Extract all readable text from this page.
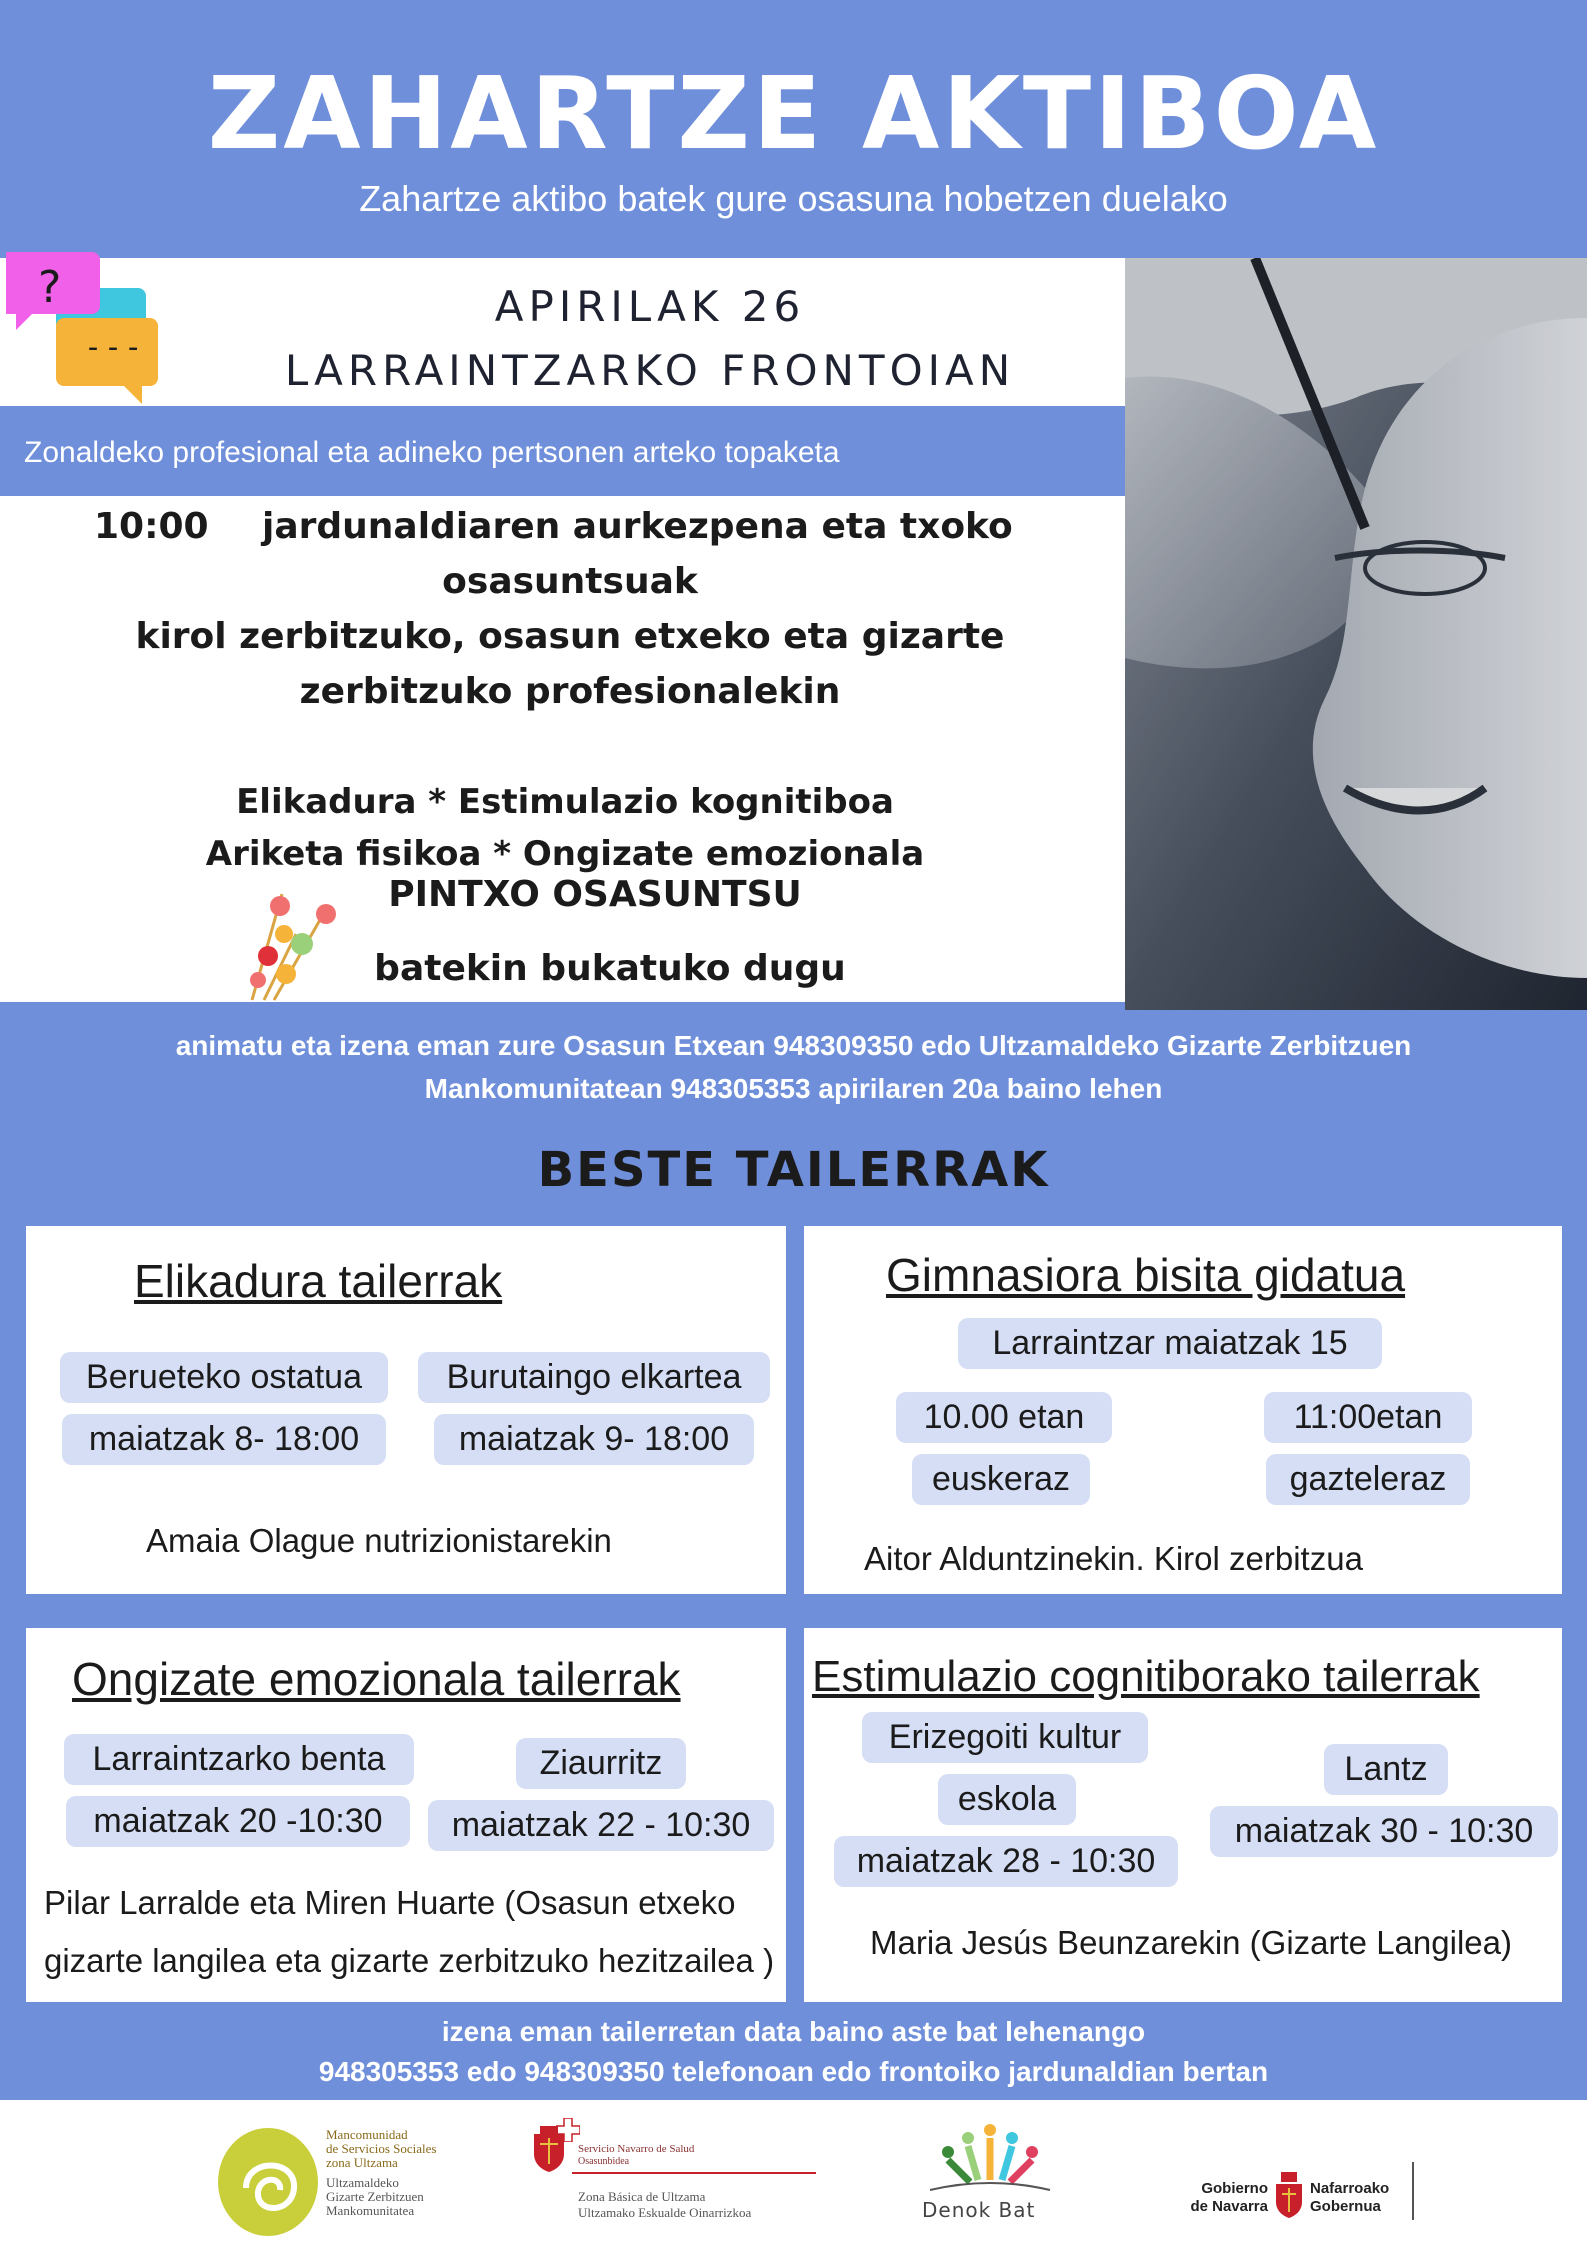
ZAHARTZE AKTIBOA
Zahartze aktibo batek gure osasuna hobetzen duelako
?
---
APIRILAK 26
LARRAINTZARKO FRONTOIAN
Zonaldeko profesional eta adineko pertsonen arteko topaketa
10:00 jardunaldiaren aurkezpena eta txoko
osasuntsuak
kirol zerbitzuko, osasun etxeko eta gizarte
zerbitzuko profesionalekin
Elikadura * Estimulazio kognitiboa
Ariketa fisikoa * Ongizate emozionala
PINTXO OSASUNTSU
batekin bukatuko dugu
animatu eta izena eman zure Osasun Etxean 948309350 edo Ultzamaldeko Gizarte Zerbitzuen
Mankomunitatean 948305353 apirilaren 20a baino lehen
BESTE TAILERRAK
Elikadura tailerrak
Berueteko ostatua
maiatzak 8- 18:00
Burutaingo elkartea
maiatzak 9- 18:00
Amaia Olague nutrizionistarekin
Gimnasiora bisita gidatua
Larraintzar maiatzak 15
10.00 etan
euskeraz
11:00etan
gazteleraz
Aitor Alduntzinekin. Kirol zerbitzua
Ongizate emozionala tailerrak
Larraintzarko benta
maiatzak 20 -10:30
Ziaurritz
maiatzak 22 - 10:30
Pilar Larralde eta Miren Huarte (Osasun etxeko
gizarte langilea eta gizarte zerbitzuko hezitzailea )
Estimulazio cognitiborako tailerrak
Erizegoiti kultur
eskola
maiatzak 28 - 10:30
Lantz
maiatzak 30 - 10:30
Maria Jesús Beunzarekin (Gizarte Langilea)
izena eman tailerretan data baino aste bat lehenango
948305353 edo 948309350 telefonoan edo frontoiko jardunaldian bertan
Mancomunidad
de Servicios Sociales
zona Ultzama
Ultzamaldeko
Gizarte Zerbitzuen
Mankomunitatea
Servicio Navarro de Salud
Osasunbidea
Zona Básica de Ultzama
Ultzamako Eskualde Oinarrizkoa	Denok Bat
Gobierno
de Navarra
Nafarroako
Gobernua
